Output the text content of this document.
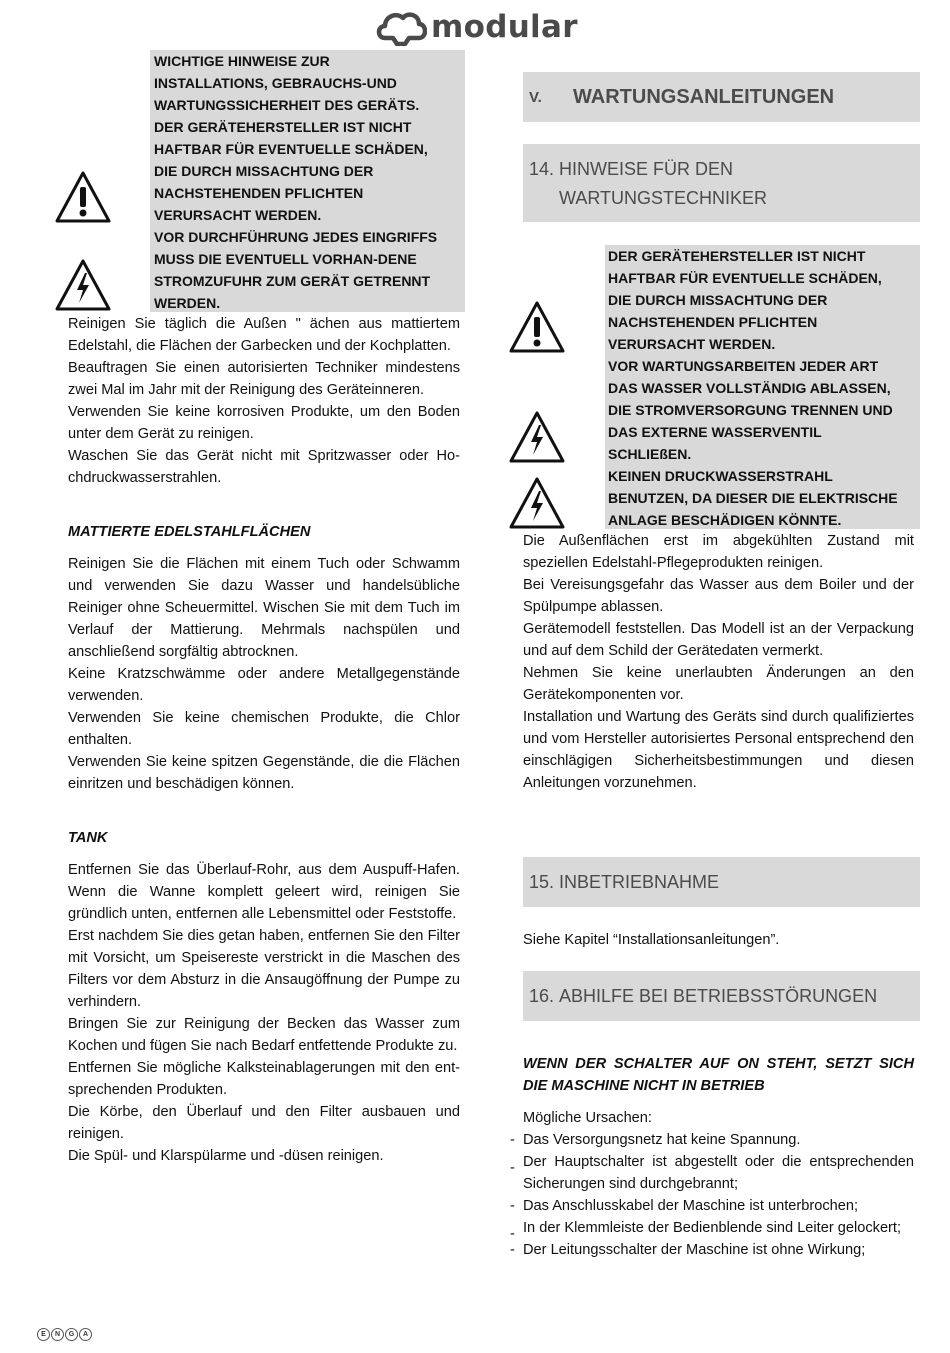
modular

WICHTIGE HINWEISE ZUR
INSTALLATIONS, GEBRAUCHS-UND
WARTUNGSSICHERHEIT DES GERÄTS.
DER GERÄTEHERSTELLER IST NICHT
HAFTBAR FÜR EVENTUELLE SCHÄDEN,
DIE DURCH MISSACHTUNG DER
NACHSTEHENDEN PFLICHTEN
VERURSACHT WERDEN.
VOR DURCHFÜHRUNG JEDES EINGRIFFS
MUSS DIE EVENTUELL VORHAN-DENE
STROMZUFUHR ZUM GERÄT GETRENNT
WERDEN.

Reinigen Sie täglich die Außen " ächen aus mattiertem Edelstahl, die Flächen der Garbecken und der Kochplatten.

Beauftragen Sie einen autorisierten Techniker mindestens zwei Mal im Jahr mit der Reinigung des Geräteinneren.

Verwenden Sie keine korrosiven Produkte, um den Boden unter dem Gerät zu reinigen.

Waschen Sie das Gerät nicht mit Spritzwasser oder Ho-chdruckwasserstrahlen.

MATTIERTE EDELSTAHLFLÄCHEN

Reinigen Sie die Flächen mit einem Tuch oder Schwamm und verwenden Sie dazu Wasser und handelsübliche Reiniger ohne Scheuermittel. Wischen Sie mit dem Tuch im Verlauf der Mattierung. Mehrmals nachspülen und anschließend sorgfältig abtrocknen.

Keine Kratzschwämme oder andere Metallgegenstände verwenden.

Verwenden Sie keine chemischen Produkte, die Chlor enthalten.

Verwenden Sie keine spitzen Gegenstände, die die Flächen einritzen und beschädigen können.

TANK

Entfernen Sie das Überlauf-Rohr, aus dem Auspuff-Hafen. Wenn die Wanne komplett geleert wird, reinigen Sie gründlich unten, entfernen alle Lebensmittel oder Feststoffe.

Erst nachdem Sie dies getan haben, entfernen Sie den Filter mit Vorsicht, um Speisereste verstrickt in die Maschen des Filters vor dem Absturz in die Ansaugöffnung der Pumpe zu verhindern.

Bringen Sie zur Reinigung der Becken das Wasser zum Kochen und fügen Sie nach Bedarf entfettende Produkte zu.

Entfernen Sie mögliche Kalksteinablagerungen mit den ent-sprechenden Produkten.

Die Körbe, den Überlauf und den Filter ausbauen und reinigen.

Die Spül- und Klarspülarme und -düsen reinigen.

V.	WARTUNGSANLEITUNGEN
14. HINWEISE FÜR DEN
WARTUNGSTECHNIKER

DER GERÄTEHERSTELLER IST NICHT
HAFTBAR FÜR EVENTUELLE SCHÄDEN,
DIE DURCH MISSACHTUNG DER
NACHSTEHENDEN PFLICHTEN
VERURSACHT WERDEN.
VOR WARTUNGSARBEITEN JEDER ART
DAS WASSER VOLLSTÄNDIG ABLASSEN,
DIE STROMVERSORGUNG TRENNEN UND
DAS EXTERNE WASSERVENTIL
SCHLIEßEN.
KEINEN DRUCKWASSERSTRAHL
BENUTZEN, DA DIESER DIE ELEKTRISCHE
ANLAGE BESCHÄDIGEN KÖNNTE.

Die Außenflächen erst im abgekühlten Zustand mit speziellen Edelstahl-Pflegeprodukten reinigen.

Bei Vereisungsgefahr das Wasser aus dem Boiler und der Spülpumpe ablassen.

Gerätemodell feststellen. Das Modell ist an der Verpackung und auf dem Schild der Gerätedaten vermerkt.

Nehmen Sie keine unerlaubten Änderungen an den Gerätekomponenten vor.

Installation und Wartung des Geräts sind durch qualifiziertes und vom Hersteller autorisiertes Personal entsprechend den einschlägigen Sicherheitsbestimmungen und diesen Anleitungen vorzunehmen.

15. INBETRIEBNAHME

Siehe Kapitel “Installationsanleitungen”.

16. ABHILFE BEI BETRIEBSSTÖRUNGEN

WENN DER SCHALTER AUF ON STEHT, SETZT SICH DIE MASCHINE NICHT IN BETRIEB

Mögliche Ursachen:

- Das Versorgungsnetz hat keine Spannung.
- Der Hauptschalter ist abgestellt oder die entsprechenden Sicherungen sind durchgebrannt;
- Das Anschlusskabel der Maschine ist unterbrochen;
- In der Klemmleiste der Bedienblende sind Leiter gelockert;
- Der Leitungsschalter der Maschine ist ohne Wirkung;
E	N	G	A
